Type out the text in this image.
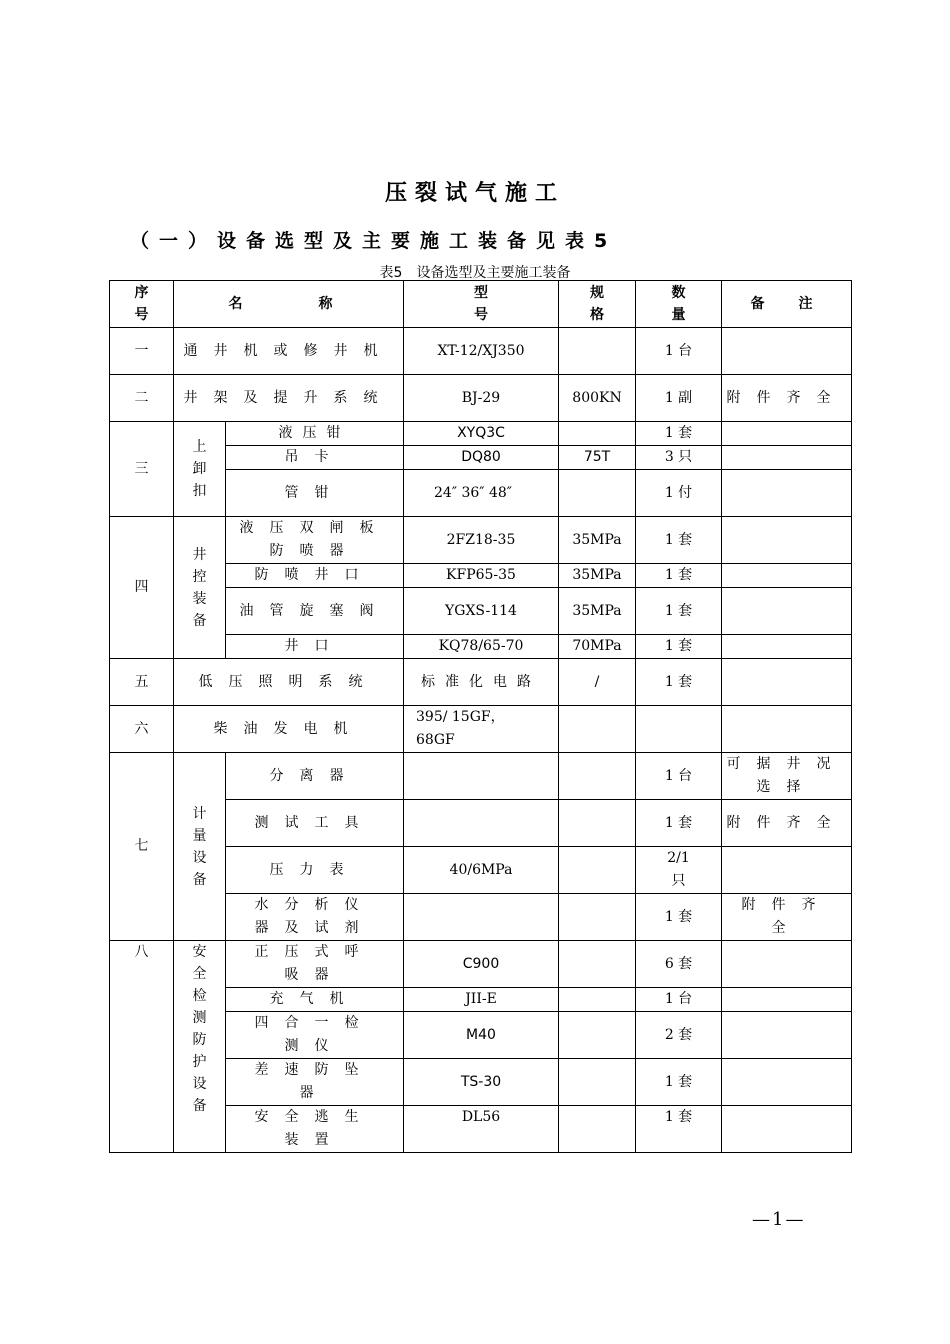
压裂试气施工
（一）设备选型及主要施工装备见表5
表5　设备选型及主要施工装备
序号	名　　称		型号	规格	数量	备　注
一	通井机或修井机		XT-12/XJ350		1 台	
二	井架及提升系统		BJ-29	800KN	1 副	附件齐全
三	上卸扣	液压钳	XYQ3C		1 套	
		吊卡	DQ80	75T	3 只	
		管钳	24″ 36″ 48″		1 付	
四	井控装备	液压双闸板防喷器	2FZ18-35	35MPa	1 套	
		防喷井口	KFP65-35	35MPa	1 套	
		油管旋塞阀	YGXS-114	35MPa	1 套	
		井口	KQ78/65-70	70MPa	1 套	
五	低压照明系统		标准化电路	/	1 套	
六	柴油发电机		395/ 15GF， 68GF			
七	计量设备	分离器			1 台	可据井况选择
		测试工具			1 套	附件齐全
		压力表	40/6MPa		2/1 只	
		水分析仪器及试剂			1 套	附件齐全
八	安全检测防护设备	正压式呼吸器	C900		6 套	
		充气机	JII-E		1 台	
		四合一检测仪	M40		2 套	
		差速防坠器	TS-30		1 套	
		安全逃生装置	DL56		1 套	
—1—
